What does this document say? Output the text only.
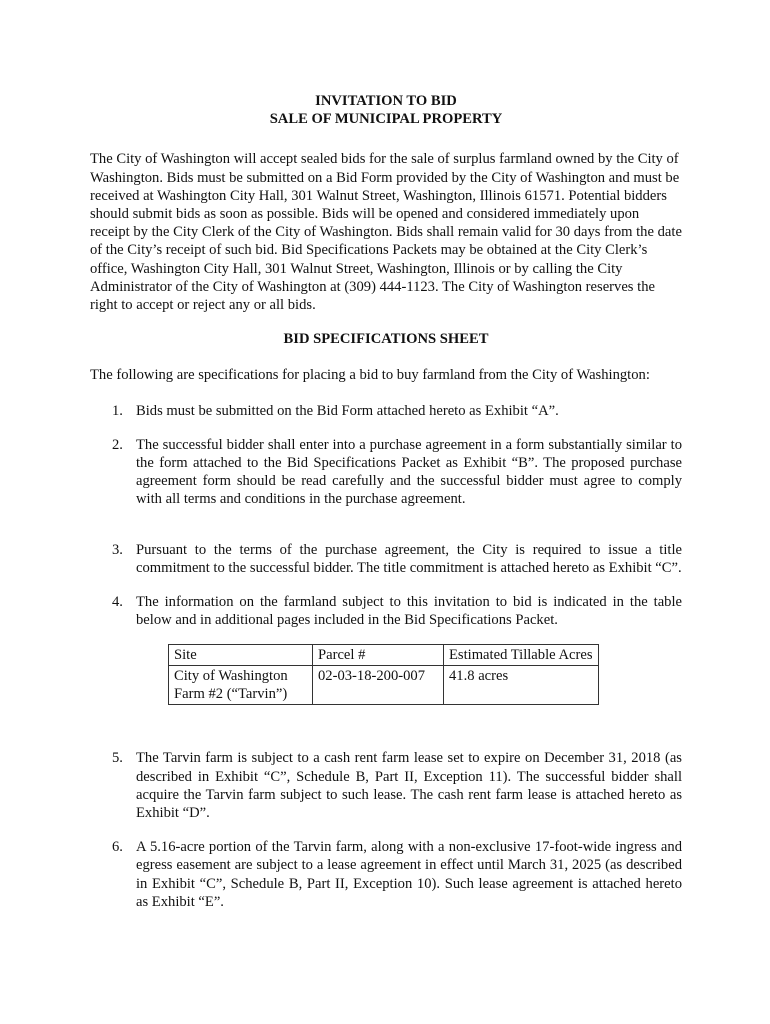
INVITATION TO BID

SALE OF MUNICIPAL PROPERTY

The City of Washington will accept sealed bids for the sale of surplus farmland owned by the City of Washington. Bids must be submitted on a Bid Form provided by the City of Washington and must be received at Washington City Hall, 301 Walnut Street, Washington, Illinois 61571. Potential bidders should submit bids as soon as possible. Bids will be opened and considered immediately upon receipt by the City Clerk of the City of Washington. Bids shall remain valid for 30 days from the date of the City’s receipt of such bid. Bid Specifications Packets may be obtained at the City Clerk’s office, Washington City Hall, 301 Walnut Street, Washington, Illinois or by calling the City Administrator of the City of Washington at (309) 444-1123. The City of Washington reserves the right to accept or reject any or all bids.

BID SPECIFICATIONS SHEET

The following are specifications for placing a bid to buy farmland from the City of Washington:

1. Bids must be submitted on the Bid Form attached hereto as Exhibit “A”.
2. The successful bidder shall enter into a purchase agreement in a form substantially similar to the form attached to the Bid Specifications Packet as Exhibit “B”. The proposed purchase agreement form should be read carefully and the successful bidder must agree to comply with all terms and conditions in the purchase agreement.
3. Pursuant to the terms of the purchase agreement, the City is required to issue a title commitment to the successful bidder. The title commitment is attached hereto as Exhibit “C”.
4. The information on the farmland subject to this invitation to bid is indicated in the table below and in additional pages included in the Bid Specifications Packet.
Site	Parcel #	Estimated Tillable Acres
City of Washington Farm #2 (“Tarvin”)	02-03-18-200-007	41.8 acres
5. The Tarvin farm is subject to a cash rent farm lease set to expire on December 31, 2018 (as described in Exhibit “C”, Schedule B, Part II, Exception 11). The successful bidder shall acquire the Tarvin farm subject to such lease. The cash rent farm lease is attached hereto as Exhibit “D”.
6. A 5.16-acre portion of the Tarvin farm, along with a non-exclusive 17-foot-wide ingress and egress easement are subject to a lease agreement in effect until March 31, 2025 (as described in Exhibit “C”, Schedule B, Part II, Exception 10). Such lease agreement is attached hereto as Exhibit “E”.
